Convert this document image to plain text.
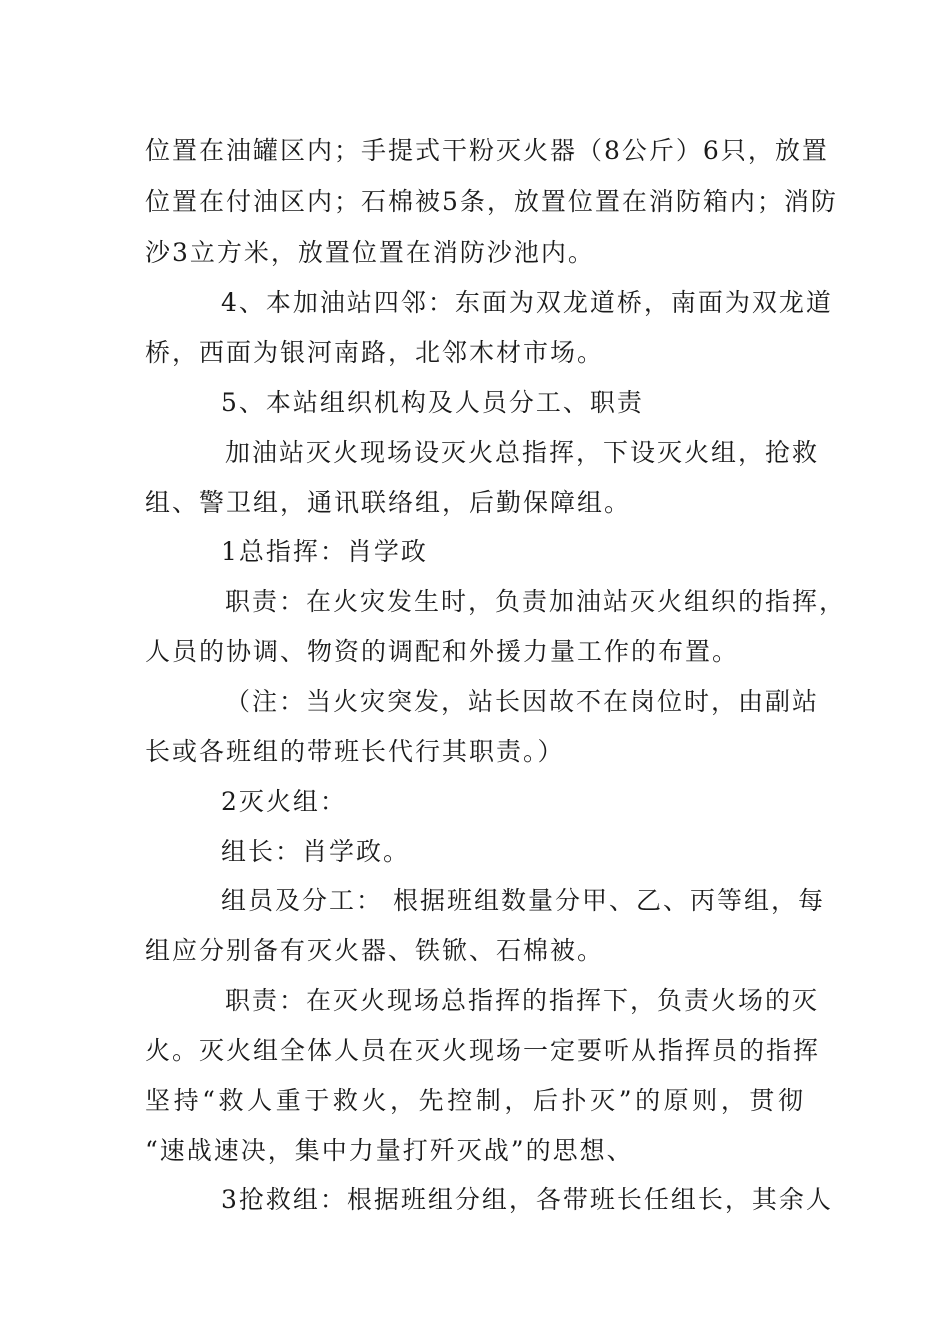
位置在油罐区内；手提式干粉灭火器（8公斤）6只，放置
位置在付油区内；石棉被5条，放置位置在消防箱内；消防
沙3立方米，放置位置在消防沙池内。
4、本加油站四邻：东面为双龙道桥，南面为双龙道
桥，西面为银河南路，北邻木材市场。
5、本站组织机构及人员分工、职责
加油站灭火现场设灭火总指挥，下设灭火组，抢救
组、警卫组，通讯联络组，后勤保障组。
1总指挥：肖学政
职责：在火灾发生时，负责加油站灭火组织的指挥，
人员的协调、物资的调配和外援力量工作的布置。
（注：当火灾突发，站长因故不在岗位时，由副站
长或各班组的带班长代行其职责。）
2灭火组：
组长：肖学政。
组员及分工： 根据班组数量分甲、乙、丙等组，每
组应分别备有灭火器、铁锨、石棉被。
职责：在灭火现场总指挥的指挥下，负责火场的灭
火。灭火组全体人员在灭火现场一定要听从指挥员的指挥
坚持“救人重于救火，先控制，后扑灭”的原则，贯彻
“速战速决，集中力量打歼灭战”的思想、
3抢救组：根据班组分组，各带班长任组长，其余人
